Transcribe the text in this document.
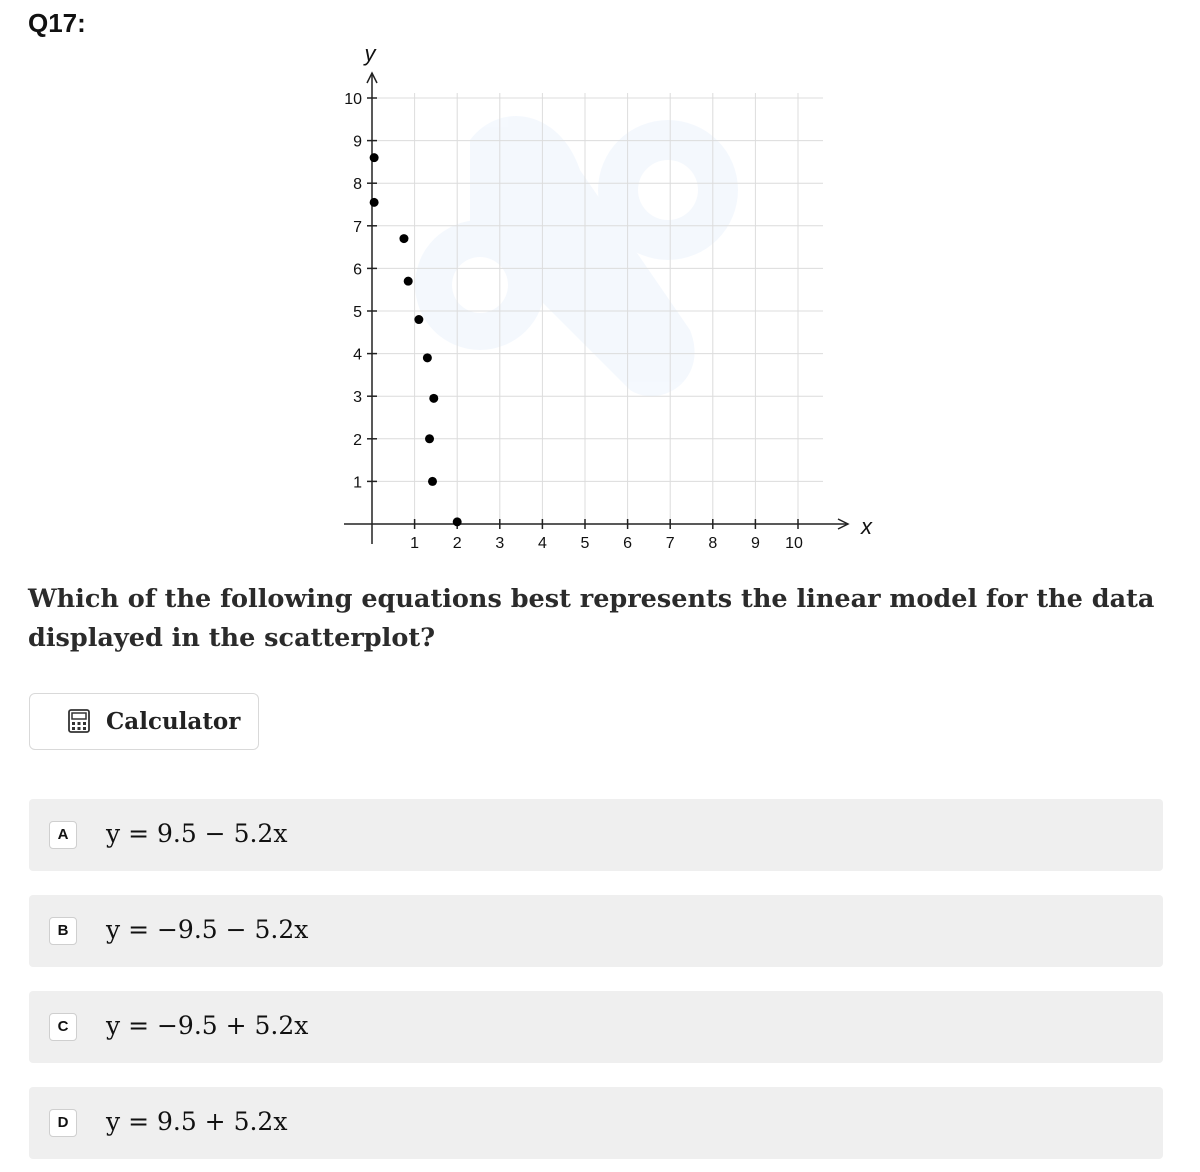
Q17:
1 2 3 4 5 6 7 8 9 10
1
2
3
4
5
6
7
8
9
10
x
y
Which of the following equations best represents the linear model for the data displayed in the scatterplot?
Calculator
A	y = 9.5 − 5.2x
B	y = −9.5 − 5.2x
C	y = −9.5 + 5.2x
D	y = 9.5 + 5.2x
